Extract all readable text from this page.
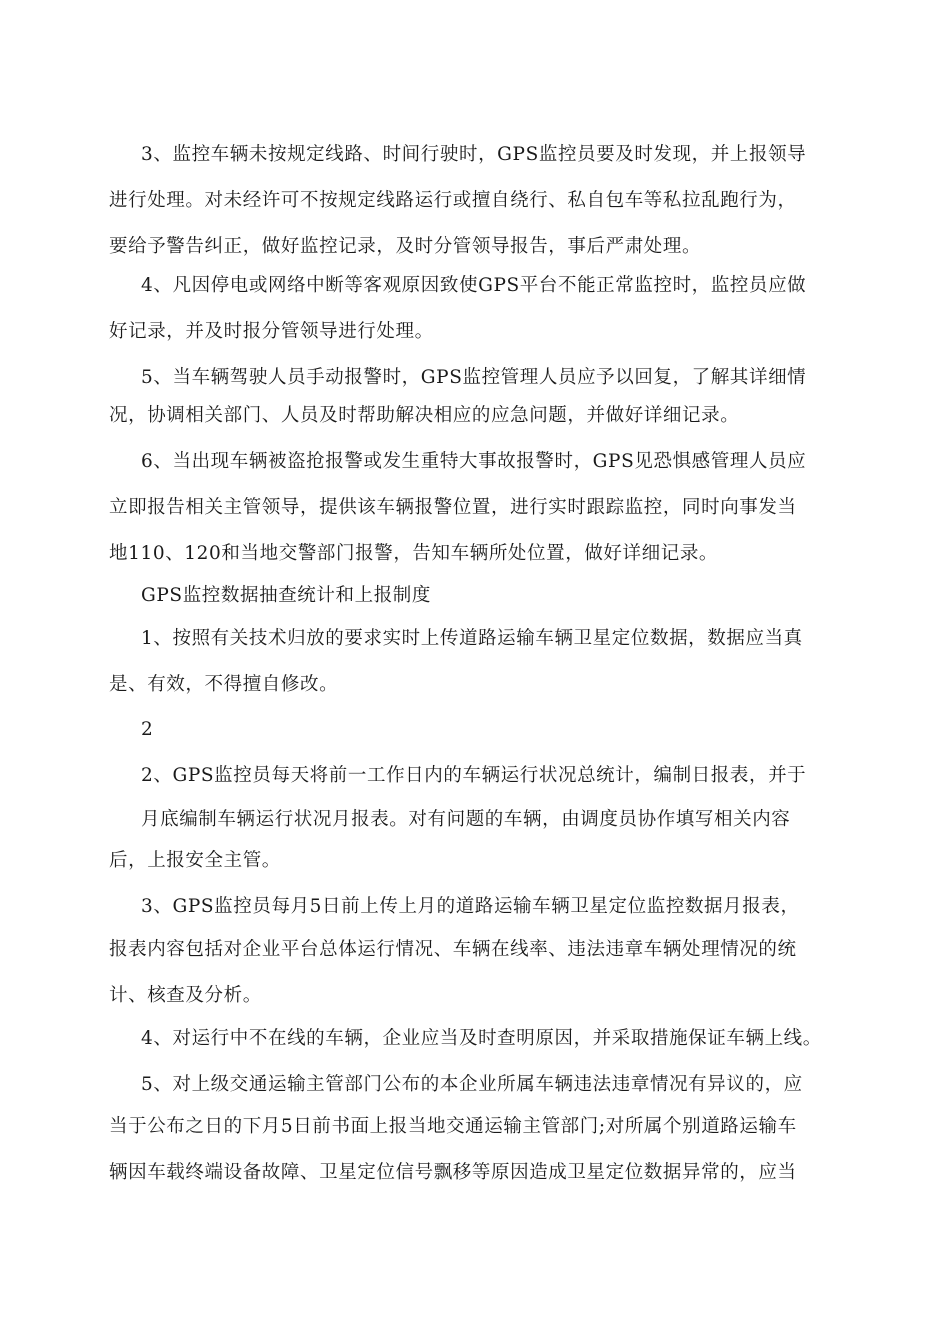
3、监控车辆未按规定线路、时间行驶时，GPS监控员要及时发现，并上报领导
进行处理。对未经许可不按规定线路运行或擅自绕行、私自包车等私拉乱跑行为，
要给予警告纠正，做好监控记录，及时分管领导报告，事后严肃处理。
4、凡因停电或网络中断等客观原因致使GPS平台不能正常监控时，监控员应做
好记录，并及时报分管领导进行处理。
5、当车辆驾驶人员手动报警时，GPS监控管理人员应予以回复，了解其详细情
况，协调相关部门、人员及时帮助解决相应的应急问题，并做好详细记录。
6、当出现车辆被盗抢报警或发生重特大事故报警时，GPS见恐惧感管理人员应
立即报告相关主管领导，提供该车辆报警位置，进行实时跟踪监控，同时向事发当
地110、120和当地交警部门报警，告知车辆所处位置，做好详细记录。
GPS监控数据抽查统计和上报制度
1、按照有关技术归放的要求实时上传道路运输车辆卫星定位数据，数据应当真
是、有效，不得擅自修改。
2
2、GPS监控员每天将前一工作日内的车辆运行状况总统计，编制日报表，并于
月底编制车辆运行状况月报表。对有问题的车辆，由调度员协作填写相关内容
后，上报安全主管。
3、GPS监控员每月5日前上传上月的道路运输车辆卫星定位监控数据月报表，
报表内容包括对企业平台总体运行情况、车辆在线率、违法违章车辆处理情况的统
计、核查及分析。
4、对运行中不在线的车辆，企业应当及时查明原因，并采取措施保证车辆上线。
5、对上级交通运输主管部门公布的本企业所属车辆违法违章情况有异议的，应
当于公布之日的下月5日前书面上报当地交通运输主管部门;对所属个别道路运输车
辆因车载终端设备故障、卫星定位信号飘移等原因造成卫星定位数据异常的，应当
